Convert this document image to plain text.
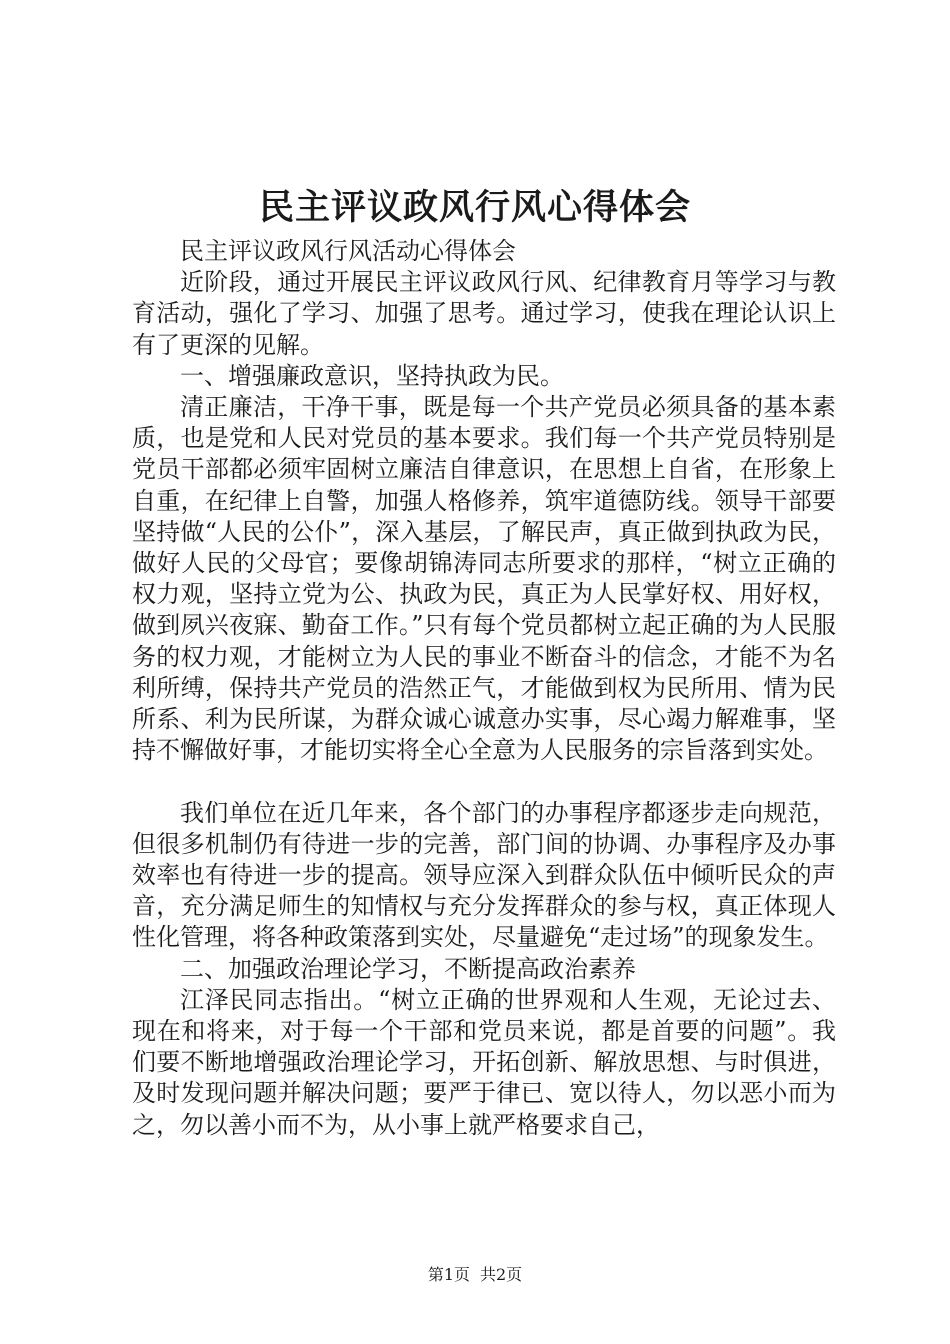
民主评议政风行风心得体会

民主评议政风行风活动心得体会

近阶段，通过开展民主评议政风行风、纪律教育月等学习与教育活动，强化了学习、加强了思考。通过学习，使我在理论认识上有了更深的见解。

一、增强廉政意识，坚持执政为民。

清正廉洁，干净干事，既是每一个共产党员必须具备的基本素质，也是党和人民对党员的基本要求。我们每一个共产党员特别是党员干部都必须牢固树立廉洁自律意识，在思想上自省，在形象上自重，在纪律上自警，加强人格修养，筑牢道德防线。领导干部要坚持做“人民的公仆”，深入基层，了解民声，真正做到执政为民，做好人民的父母官；要像胡锦涛同志所要求的那样，“树立正确的权力观，坚持立党为公、执政为民，真正为人民掌好权、用好权，做到夙兴夜寐、勤奋工作。”只有每个党员都树立起正确的为人民服务的权力观，才能树立为人民的事业不断奋斗的信念，才能不为名利所缚，保持共产党员的浩然正气，才能做到权为民所用、情为民所系、利为民所谋，为群众诚心诚意办实事，尽心竭力解难事，坚持不懈做好事，才能切实将全心全意为人民服务的宗旨落到实处。

我们单位在近几年来，各个部门的办事程序都逐步走向规范，但很多机制仍有待进一步的完善，部门间的协调、办事程序及办事效率也有待进一步的提高。领导应深入到群众队伍中倾听民众的声音，充分满足师生的知情权与充分发挥群众的参与权，真正体现人性化管理，将各种政策落到实处，尽量避免“走过场”的现象发生。

二、加强政治理论学习，不断提高政治素养

江泽民同志指出。“树立正确的世界观和人生观，无论过去、现在和将来，对于每一个干部和党员来说，都是首要的问题”。我们要不断地增强政治理论学习，开拓创新、解放思想、与时俱进，及时发现问题并解决问题；要严于律已、宽以待人，勿以恶小而为之，勿以善小而不为，从小事上就严格要求自己，

第1页 共2页
